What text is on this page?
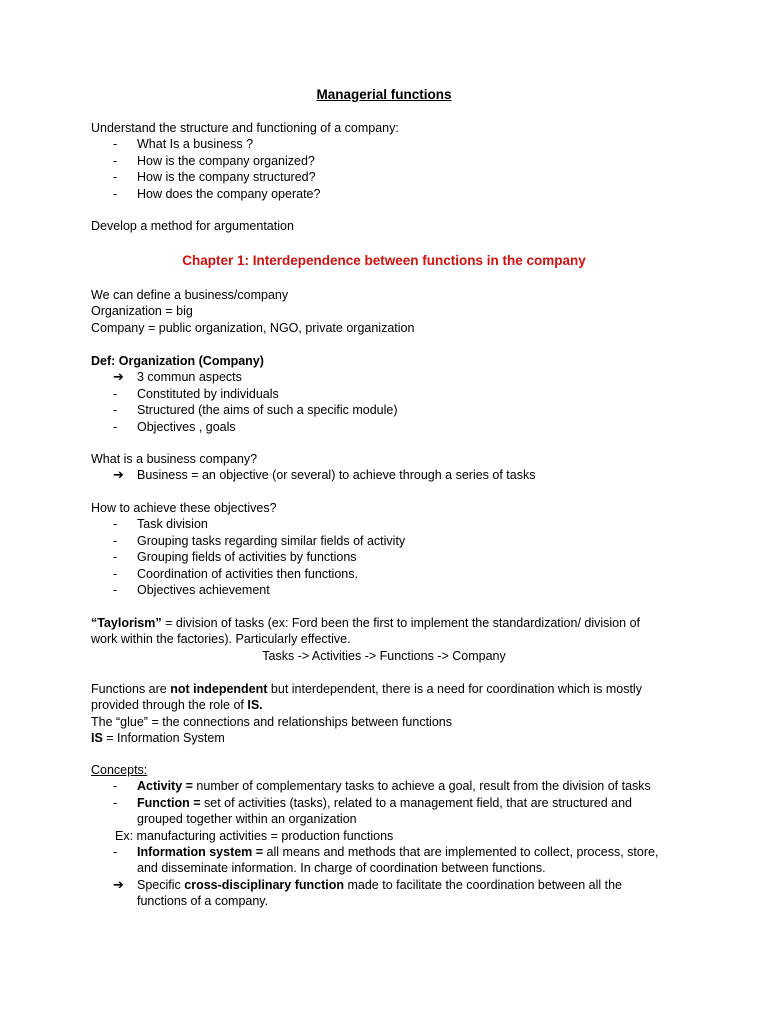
Managerial functions
Understand the structure and functioning of a company:
- What Is a business ?
- How is the company organized?
- How is the company structured?
- How does the company operate?
Develop a method for argumentation
Chapter 1: Interdependence between functions in the company
We can define a business/company
Organization = big
Company = public organization, NGO, private organization
Def: Organization (Company)
➔ 3 commun aspects
- Constituted by individuals
- Structured (the aims of such a specific module)
- Objectives , goals
What is a business company?
➔ Business = an objective (or several) to achieve through a series of tasks
How to achieve these objectives?
- Task division
- Grouping tasks regarding similar fields of activity
- Grouping fields of activities by functions
- Coordination of activities then functions.
- Objectives achievement
“Taylorism” = division of tasks (ex: Ford been the first to implement the standardization/ division of
work within the factories). Particularly effective.
Tasks -> Activities -> Functions -> Company
Functions are not independent but interdependent, there is a need for coordination which is mostly
provided through the role of IS.
The “glue” = the connections and relationships between functions
IS = Information System
Concepts:
- Activity = number of complementary tasks to achieve a goal, result from the division of tasks
- Function = set of activities (tasks), related to a management field, that are structured and
grouped together within an organization
Ex: manufacturing activities = production functions
- Information system = all means and methods that are implemented to collect, process, store,
and disseminate information. In charge of coordination between functions.
➔ Specific cross-disciplinary function made to facilitate the coordination between all the
functions of a company.
